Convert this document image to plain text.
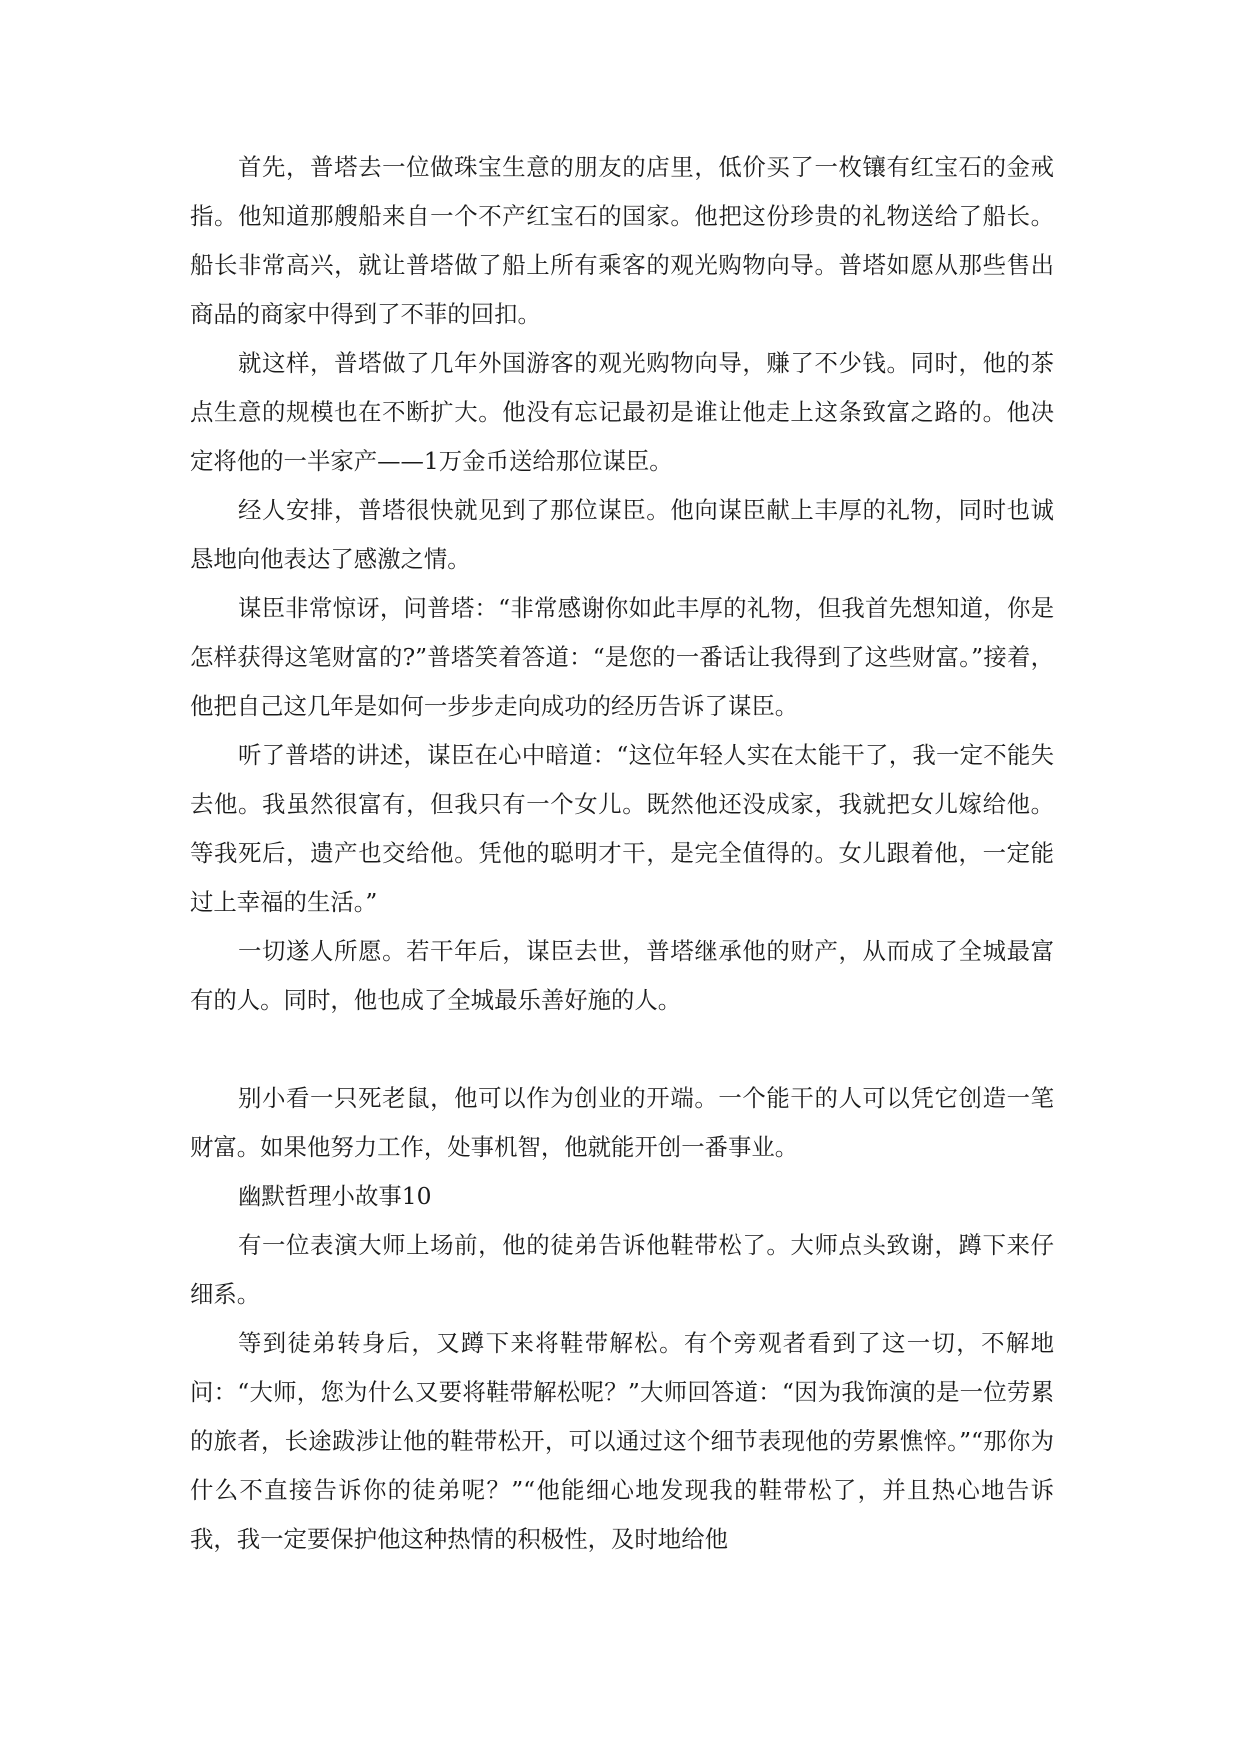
首先，普塔去一位做珠宝生意的朋友的店里，低价买了一枚镶有红宝石的金戒指。他知道那艘船来自一个不产红宝石的国家。他把这份珍贵的礼物送给了船长。船长非常高兴，就让普塔做了船上所有乘客的观光购物向导。普塔如愿从那些售出商品的商家中得到了不菲的回扣。

就这样，普塔做了几年外国游客的观光购物向导，赚了不少钱。同时，他的茶点生意的规模也在不断扩大。他没有忘记最初是谁让他走上这条致富之路的。他决定将他的一半家产——1万金币送给那位谋臣。

经人安排，普塔很快就见到了那位谋臣。他向谋臣献上丰厚的礼物，同时也诚恳地向他表达了感激之情。

谋臣非常惊讶，问普塔：“非常感谢你如此丰厚的礼物，但我首先想知道，你是怎样获得这笔财富的?”普塔笑着答道：“是您的一番话让我得到了这些财富。”接着，他把自己这几年是如何一步步走向成功的经历告诉了谋臣。

听了普塔的讲述，谋臣在心中暗道：“这位年轻人实在太能干了，我一定不能失去他。我虽然很富有，但我只有一个女儿。既然他还没成家，我就把女儿嫁给他。等我死后，遗产也交给他。凭他的聪明才干，是完全值得的。女儿跟着他，一定能过上幸福的生活。”

一切遂人所愿。若干年后，谋臣去世，普塔继承他的财产，从而成了全城最富有的人。同时，他也成了全城最乐善好施的人。

别小看一只死老鼠，他可以作为创业的开端。一个能干的人可以凭它创造一笔财富。如果他努力工作，处事机智，他就能开创一番事业。

幽默哲理小故事10

有一位表演大师上场前，他的徒弟告诉他鞋带松了。大师点头致谢，蹲下来仔细系。

等到徒弟转身后，又蹲下来将鞋带解松。有个旁观者看到了这一切，不解地问：“大师，您为什么又要将鞋带解松呢？”大师回答道：“因为我饰演的是一位劳累的旅者，长途跋涉让他的鞋带松开，可以通过这个细节表现他的劳累憔悴。”“那你为什么不直接告诉你的徒弟呢？”“他能细心地发现我的鞋带松了，并且热心地告诉我，我一定要保护他这种热情的积极性，及时地给他
